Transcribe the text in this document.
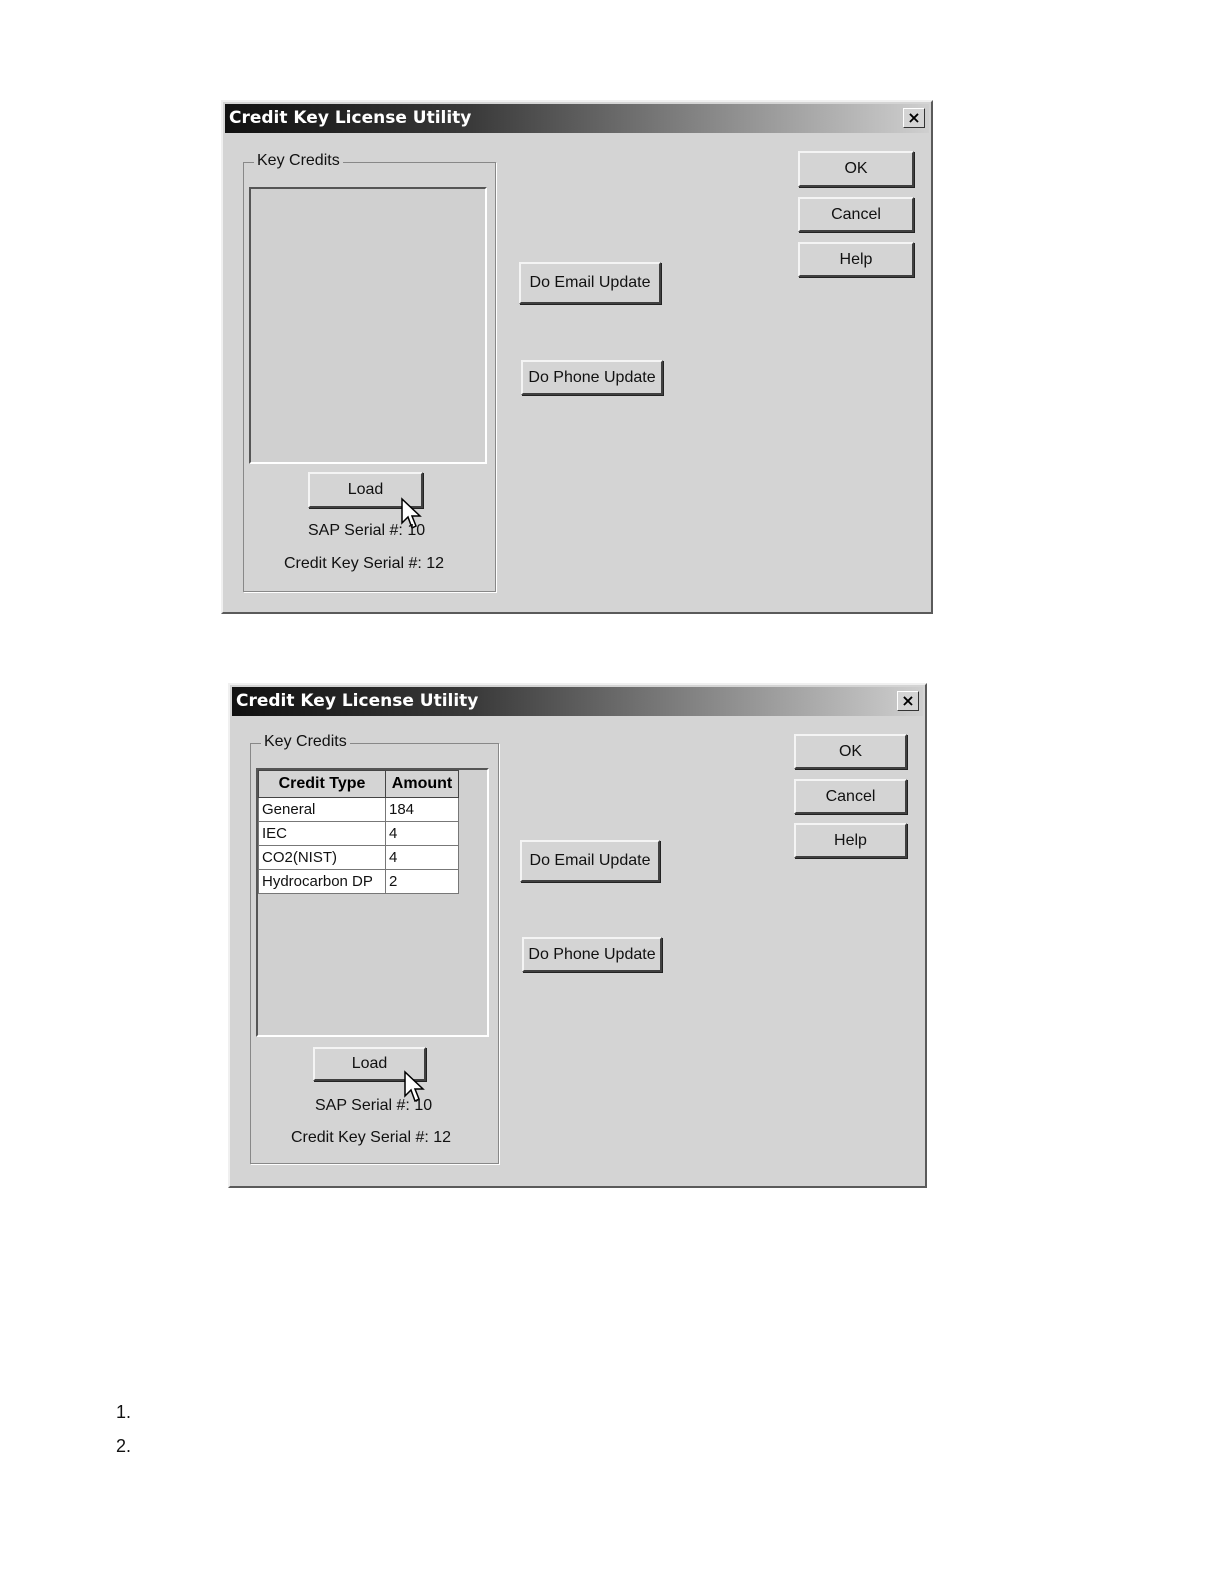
Credit Key License Utility	×
Key Credits
Load
SAP Serial #: 10
Credit Key Serial #: 12
Do Email Update
Do Phone Update
OK
Cancel
Help
Credit Key License Utility	×
Key Credits
Credit Type	Amount
General	184
IEC	4
CO2(NIST)	4
Hydrocarbon DP	2
Load
SAP Serial #: 10
Credit Key Serial #: 12
Do Email Update
Do Phone Update
OK
Cancel
Help
1.
2.
